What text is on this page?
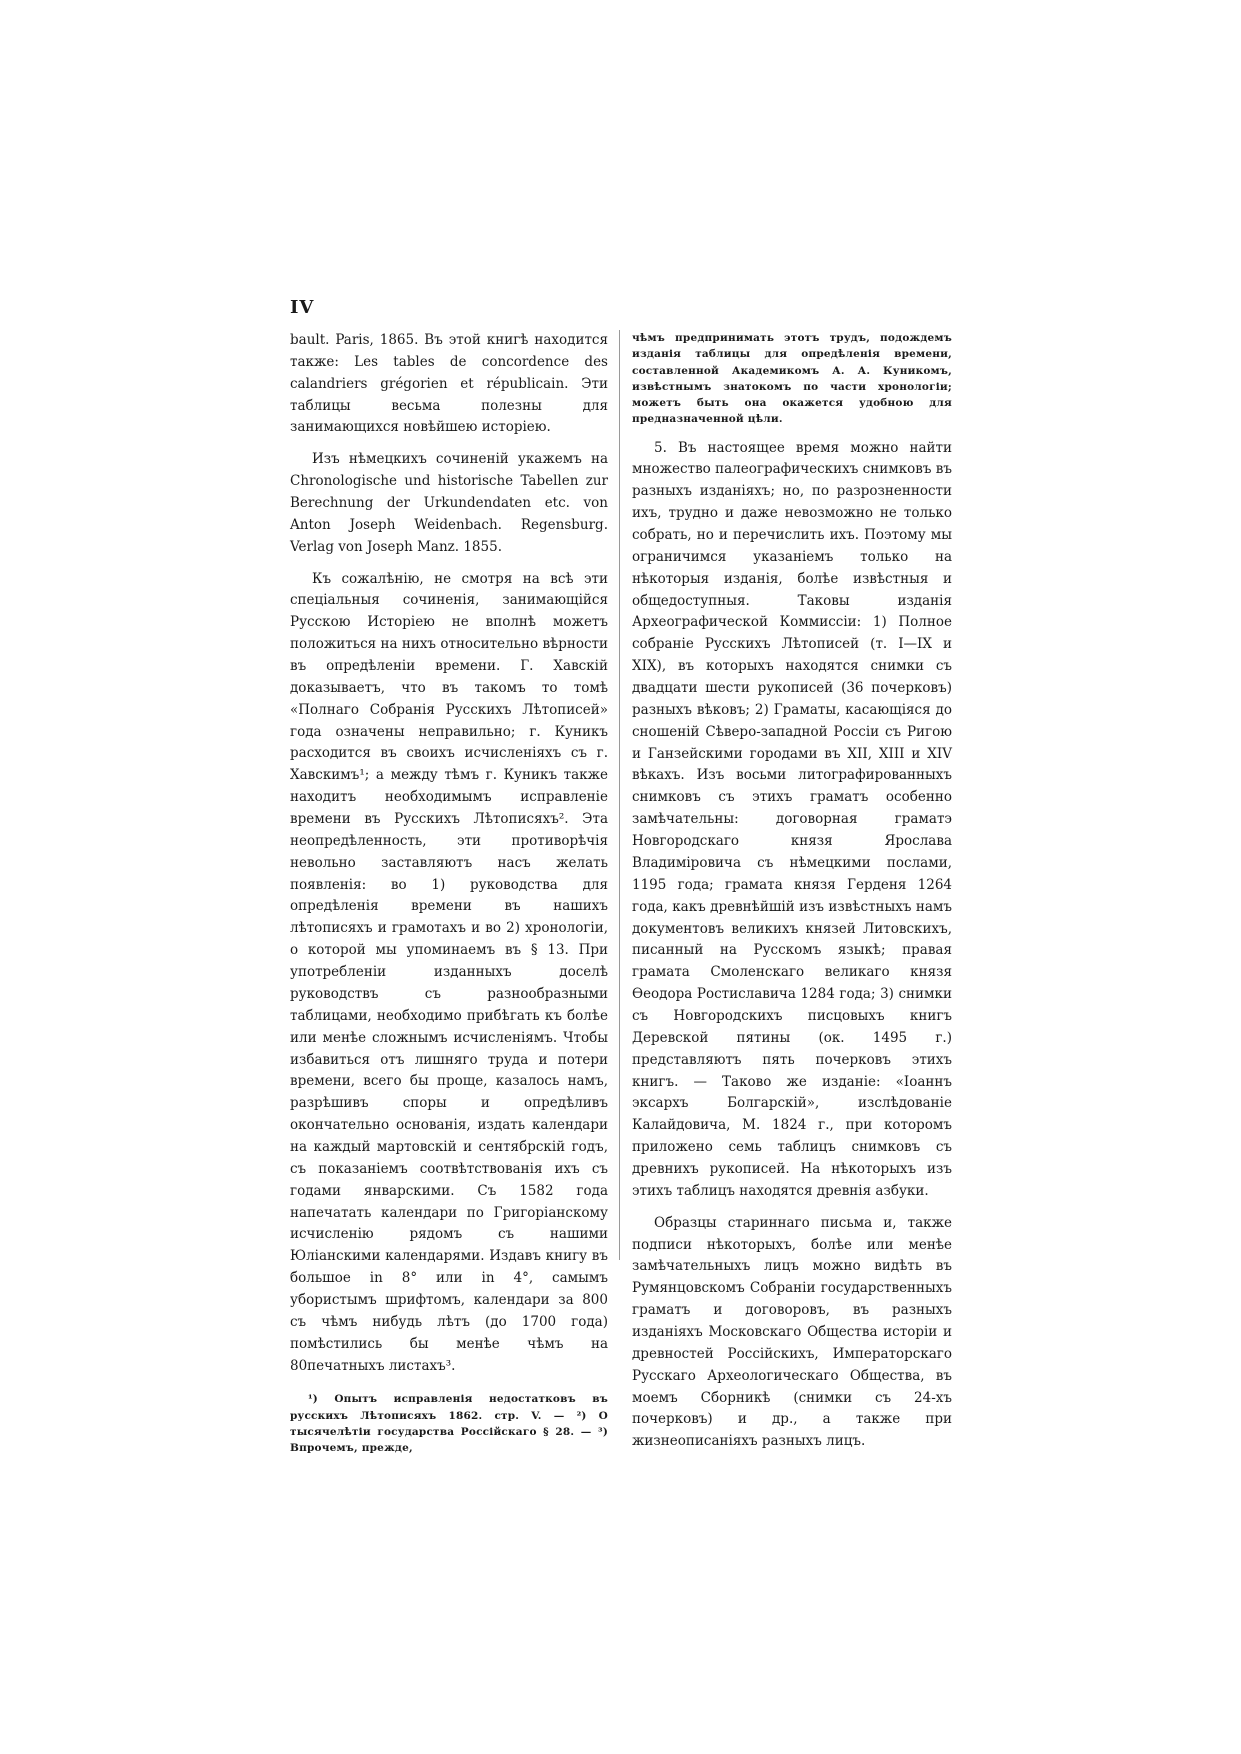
IV

bault. Paris, 1865. Въ этой книгѣ находится также: Les tables de concordence des calandriers grégorien et républicain. Эти таблицы весьма полезны для занимающихся новѣйшею исторіею.

Изъ нѣмецкихъ сочиненій укажемъ на Chronologische und historische Tabellen zur Berechnung der Urkundendaten etc. von Anton Joseph Weidenbach. Regensburg. Verlag von Joseph Manz. 1855.

Къ сожалѣнію, не смотря на всѣ эти спеціальныя сочиненія, занимающійся Русскою Исторіею не вполнѣ можетъ положиться на нихъ относительно вѣрности въ опредѣленіи времени. Г. Хавскій доказываетъ, что въ такомъ то томѣ «Полнаго Собранія Русскихъ Лѣтописей» года означены неправильно; г. Куникъ расходится въ своихъ исчисленіяхъ съ г. Хавскимъ¹; а между тѣмъ г. Куникъ также находитъ необходимымъ исправленіе времени въ Русскихъ Лѣтописяхъ². Эта неопредѣленность, эти противорѣчія невольно заставляютъ насъ желать появленія: во 1) руководства для опредѣленія времени въ нашихъ лѣтописяхъ и грамотахъ и во 2) хронологіи, о которой мы упоминаемъ въ § 13. При употребленіи изданныхъ доселѣ руководствъ съ разнообразными таблицами, необходимо прибѣгать къ болѣе или менѣе сложнымъ исчисленіямъ. Чтобы избавиться отъ лишняго труда и потери времени, всего бы проще, казалось намъ, разрѣшивъ споры и опредѣливъ окончательно основанія, издать календари на каждый мартовскій и сентябрскій годъ, съ показаніемъ соотвѣтствованія ихъ съ годами январскими. Съ 1582 года напечатать календари по Григоріанскому исчисленію рядомъ съ нашими Юліанскими календарями. Издавъ книгу въ большое in 8° или in 4°, самымъ убористымъ шрифтомъ, календари за 800 съ чѣмъ нибудь лѣтъ (до 1700 года) помѣстились бы менѣе чѣмъ на 80печатныхъ листахъ³.

¹) Опытъ исправленія недостатковъ въ русскихъ Лѣтописяхъ 1862. стр. V. — ²) О тысячелѣтіи государства Россійскаго § 28. — ³) Впрочемъ, прежде,

чѣмъ предпринимать этотъ трудъ, подождемъ изданія таблицы для опредѣленія времени, составленной Академикомъ А. А. Куникомъ, извѣстнымъ знатокомъ по части хронологіи; можетъ быть она окажется удобною для предназначенной цѣли.

5. Въ настоящее время можно найти множество палеографическихъ снимковъ въ разныхъ изданіяхъ; но, по разрозненности ихъ, трудно и даже невозможно не только собрать, но и перечислить ихъ. Поэтому мы ограничимся указаніемъ только на нѣкоторыя изданія, болѣе извѣстныя и общедоступныя. Таковы изданія Археографической Коммиссіи: 1) Полное собраніе Русскихъ Лѣтописей (т. I—IX и XIX), въ которыхъ находятся снимки съ двадцати шести рукописей (36 почерковъ) разныхъ вѣковъ; 2) Граматы, касающіяся до сношеній Сѣверо-западной Россіи съ Ригою и Ганзейскими городами въ XII, XIII и XIV вѣкахъ. Изъ восьми литографированныхъ снимковъ съ этихъ граматъ особенно замѣчательны: договорная граматэ Новгородскаго князя Ярослава Владиміровича съ нѣмецкими послами, 1195 года; грамата князя Герденя 1264 года, какъ древнѣйшій изъ извѣстныхъ намъ документовъ великихъ князей Литовскихъ, писанный на Русскомъ языкѣ; правая грамата Смоленскаго великаго князя Ѳеодора Ростиславича 1284 года; 3) снимки съ Новгородскихъ писцовыхъ книгъ Деревской пятины (ок. 1495 г.) представляютъ пять почерковъ этихъ книгъ. — Таково же изданіе: «Іоаннъ эксархъ Болгарскій», изслѣдованіе Калайдовича, М. 1824 г., при которомъ приложено семь таблицъ снимковъ съ древнихъ рукописей. На нѣкоторыхъ изъ этихъ таблицъ находятся древнія азбуки.

Образцы стариннаго письма и, также подписи нѣкоторыхъ, болѣе или менѣе замѣчательныхъ лицъ можно видѣть въ Румянцовскомъ Собраніи государственныхъ граматъ и договоровъ, въ разныхъ изданіяхъ Московскаго Общества исторіи и древностей Россійскихъ, Императорскаго Русскаго Археологическаго Общества, въ моемъ Сборникѣ (снимки съ 24-хъ почерковъ) и др., а также при жизнеописаніяхъ разныхъ лицъ.
